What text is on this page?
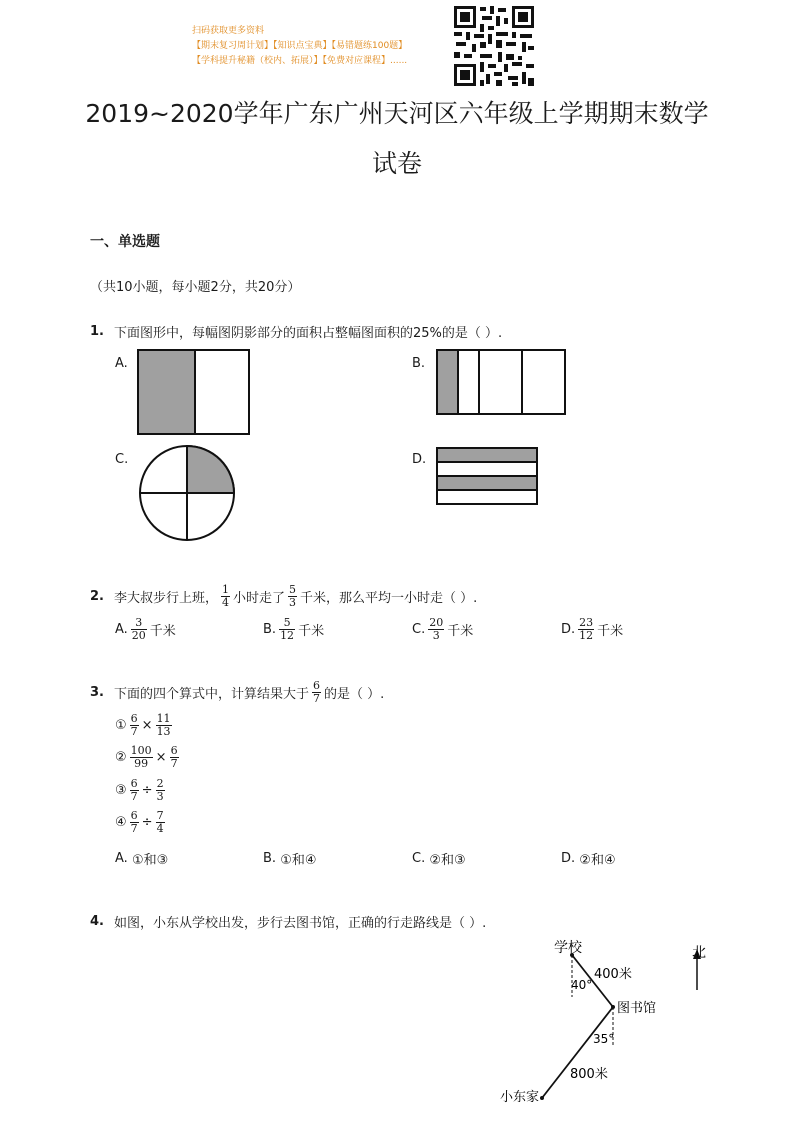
扫码获取更多资料
【期末复习周计划】【知识点宝典】【易错题练100题】
【学科提升秘籍（校内、拓展）】【免费对应课程】......
2019~2020学年广东广州天河区六年级上学期期末数学
试卷
一、单选题
（共10小题，每小题2分，共20分）
1. 下面图形中，每幅图阴影部分的面积占整幅图面积的25%的是（ ）.
A.	B.
C.	D.
2. 李大叔步行上班， $\frac{1}{4}$ 小时走了 $\frac{5}{3}$ 千米，那么平均一小时走（ ）.
A. $\frac{3}{20}$ 千米	B. $\frac{5}{12}$ 千米	C. $\frac{20}{3}$ 千米	D. $\frac{23}{12}$ 千米
3. 下面的四个算式中，计算结果大于 $\frac{6}{7}$ 的是（ ）.
① $\frac{6}{7} \times \frac{11}{13}$
② $\frac{100}{99} \times \frac{6}{7}$
③ $\frac{6}{7} \div \frac{2}{3}$
④ $\frac{6}{7} \div \frac{7}{4}$
A.
①和③	B.
①和④	C.
②和③	D.
②和④
4. 如图，小东从学校出发，步行去图书馆，正确的行走路线是（ ）.
北
学校
图书馆
小东家
400米
800米
40°
35°
